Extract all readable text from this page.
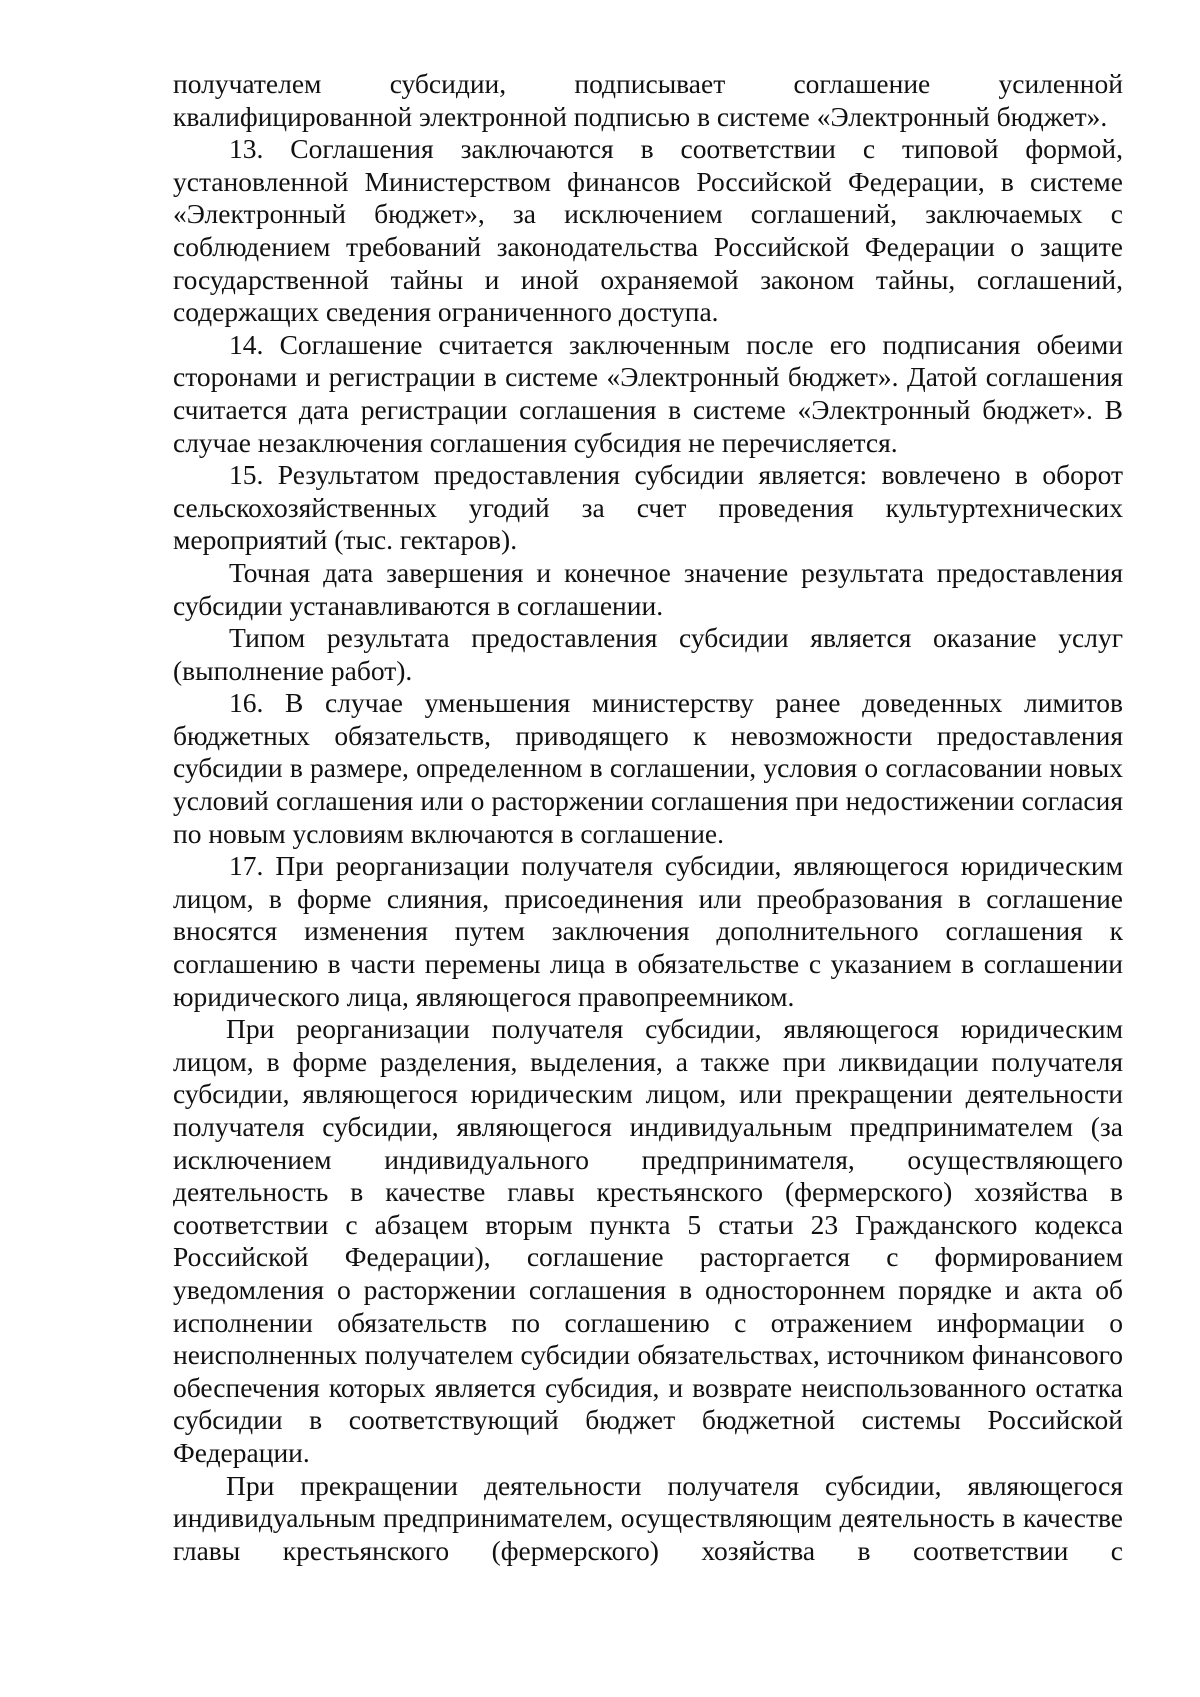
получателем субсидии, подписывает соглашение усиленной квалифицированной электронной подписью в системе «Электронный бюджет».

13. Соглашения заключаются в соответствии с типовой формой, установленной Министерством финансов Российской Федерации, в системе «Электронный бюджет», за исключением соглашений, заключаемых с соблюдением требований законодательства Российской Федерации о защите государственной тайны и иной охраняемой законом тайны, соглашений, содержащих сведения ограниченного доступа.

14. Соглашение считается заключенным после его подписания обеими сторонами и регистрации в системе «Электронный бюджет». Датой соглашения считается дата регистрации соглашения в системе «Электронный бюджет». В случае незаключения соглашения субсидия не перечисляется.

15. Результатом предоставления субсидии является: вовлечено в оборот сельскохозяйственных угодий за счет проведения культуртехнических мероприятий (тыс. гектаров).

Точная дата завершения и конечное значение результата предоставления субсидии устанавливаются в соглашении.

Типом результата предоставления субсидии является оказание услуг (выполнение работ).

16. В случае уменьшения министерству ранее доведенных лимитов бюджетных обязательств, приводящего к невозможности предоставления субсидии в размере, определенном в соглашении, условия о согласовании новых условий соглашения или о расторжении соглашения при недостижении согласия по новым условиям включаются в соглашение.

17. При реорганизации получателя субсидии, являющегося юридическим лицом, в форме слияния, присоединения или преобразования в соглашение вносятся изменения путем заключения дополнительного соглашения к соглашению в части перемены лица в обязательстве с указанием в соглашении юридического лица, являющегося правопреемником.

При реорганизации получателя субсидии, являющегося юридическим лицом, в форме разделения, выделения, а также при ликвидации получателя субсидии, являющегося юридическим лицом, или прекращении деятельности получателя субсидии, являющегося индивидуальным предпринимателем (за исключением индивидуального предпринимателя, осуществляющего деятельность в качестве главы крестьянского (фермерского) хозяйства в соответствии с абзацем вторым пункта 5 статьи 23 Гражданского кодекса Российской Федерации), соглашение расторгается с формированием уведомления о расторжении соглашения в одностороннем порядке и акта об исполнении обязательств по соглашению с отражением информации о неисполненных получателем субсидии обязательствах, источником финансового обеспечения которых является субсидия, и возврате неиспользованного остатка субсидии в соответствующий бюджет бюджетной системы Российской Федерации.

При прекращении деятельности получателя субсидии, являющегося индивидуальным предпринимателем, осуществляющим деятельность в качестве главы крестьянского (фермерского) хозяйства в соответствии с
